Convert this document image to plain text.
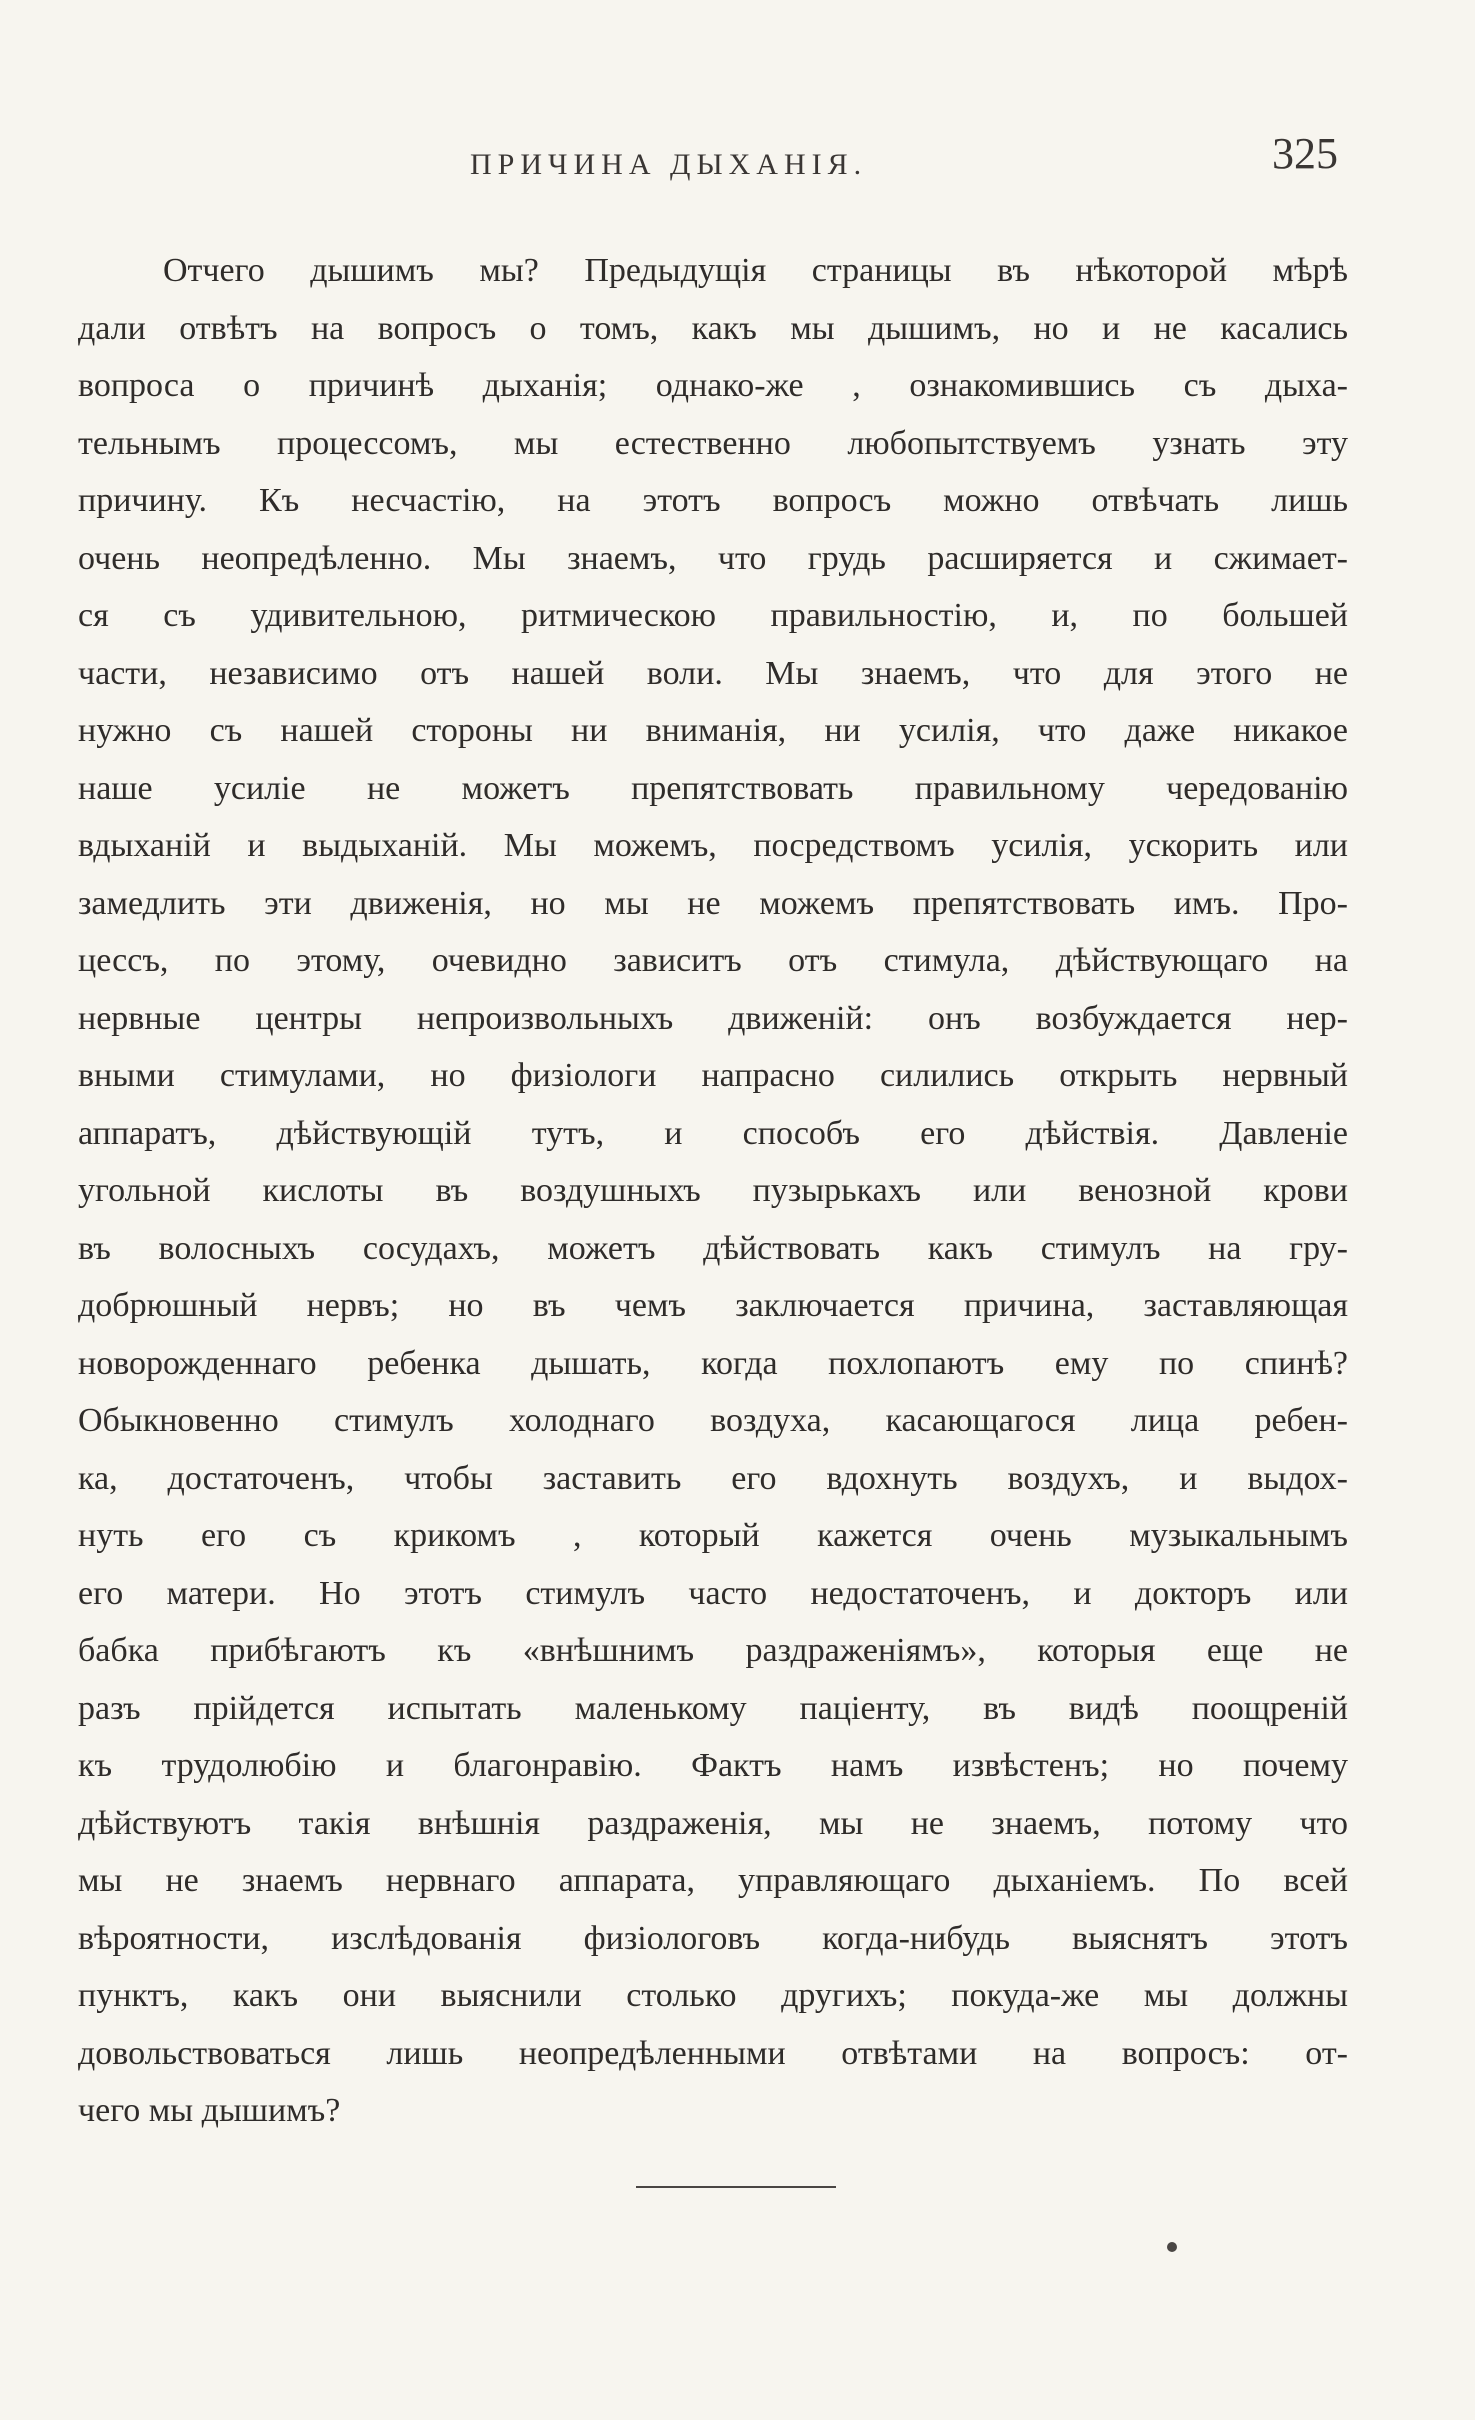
ПРИЧИНА ДЫХАНІЯ.	325
Отчего дышимъ мы? Предыдущія страницы въ нѣкоторой мѣрѣ
дали отвѣтъ на вопросъ о томъ, какъ мы дышимъ, но и не касались
вопроса о причинѣ дыханія; однако-же , ознакомившись съ дыха-
тельнымъ процессомъ, мы естественно любопытствуемъ узнать эту
причину. Къ несчастію, на этотъ вопросъ можно отвѣчать лишь
очень неопредѣленно. Мы знаемъ, что грудь расширяется и сжимает-
ся съ удивительною, ритмическою правильностію, и, по большей
части, независимо отъ нашей воли. Мы знаемъ, что для этого не
нужно съ нашей стороны ни вниманія, ни усилія, что даже никакое
наше усиліе не можетъ препятствовать правильному чередованію
вдыханій и выдыханій. Мы можемъ, посредствомъ усилія, ускорить или
замедлить эти движенія, но мы не можемъ препятствовать имъ. Про-
цессъ, по этому, очевидно зависитъ отъ стимула, дѣйствующаго на
нервные центры непроизвольныхъ движеній: онъ возбуждается нер-
вными стимулами, но физіологи напрасно силились открыть нервный
аппаратъ, дѣйствующій тутъ, и способъ его дѣйствія. Давленіе
угольной кислоты въ воздушныхъ пузырькахъ или венозной крови
въ волосныхъ сосудахъ, можетъ дѣйствовать какъ стимулъ на гру-
добрюшный нервъ; но въ чемъ заключается причина, заставляющая
новорожденнаго ребенка дышать, когда похлопаютъ ему по спинѣ?
Обыкновенно стимулъ холоднаго воздуха, касающагося лица ребен-
ка, достаточенъ, чтобы заставить его вдохнуть воздухъ, и выдох-
нуть его съ крикомъ , который кажется очень музыкальнымъ
его матери. Но этотъ стимулъ часто недостаточенъ, и докторъ или
бабка прибѣгаютъ къ «внѣшнимъ раздраженіямъ», которыя еще не
разъ прійдется испытать маленькому паціенту, въ видѣ поощреній
къ трудолюбію и благонравію. Фактъ намъ извѣстенъ; но почему
дѣйствуютъ такія внѣшнія раздраженія, мы не знаемъ, потому что
мы не знаемъ нервнаго аппарата, управляющаго дыханіемъ. По всей
вѣроятности, изслѣдованія физіологовъ когда-нибудь выяснятъ этотъ
пунктъ, какъ они выяснили столько другихъ; покуда-же мы должны
довольствоваться лишь неопредѣленными отвѣтами на вопросъ: от-
чего мы дышимъ?
